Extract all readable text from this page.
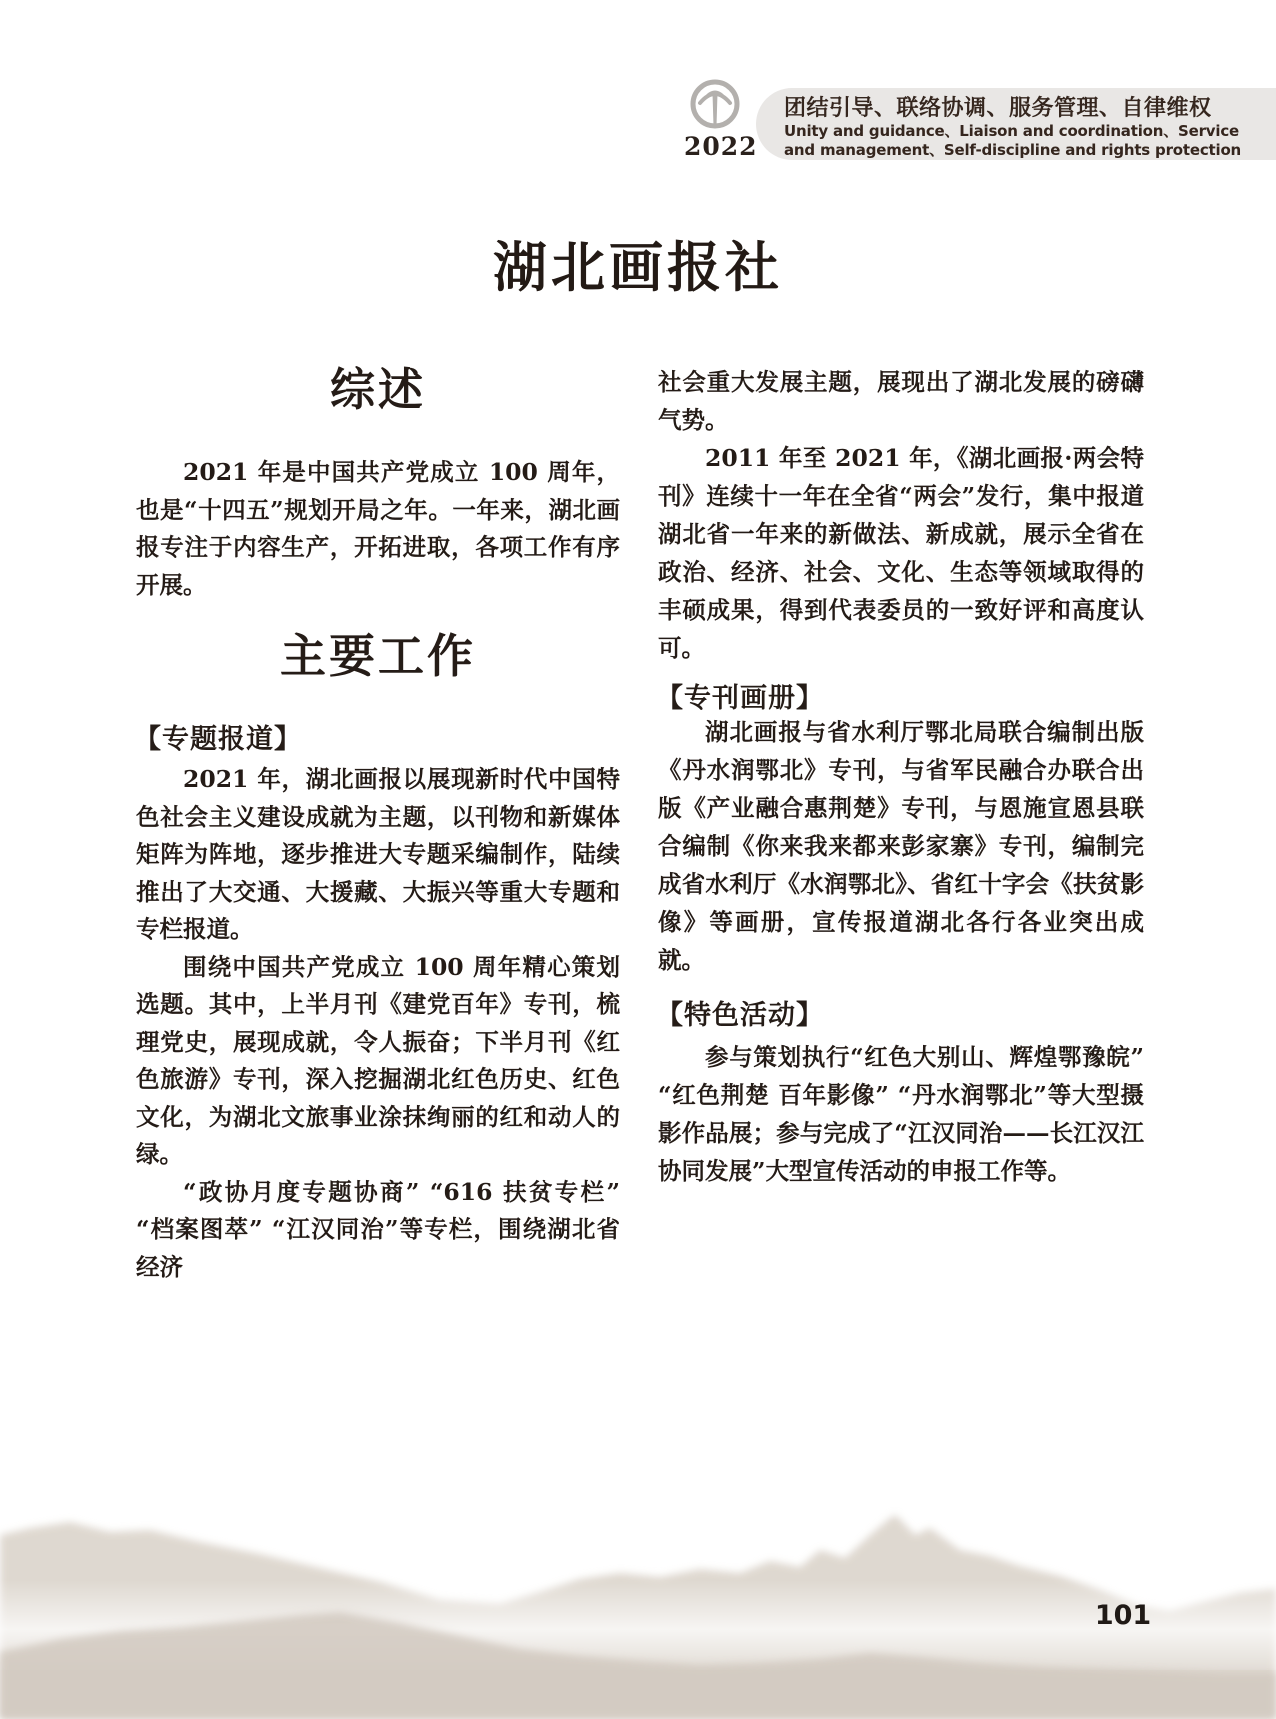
2022
团结引导、联络协调、服务管理、自律维权
Unity and guidance、Liaison and coordination、Service
and management、Self-discipline and rights protection
湖北画报社
综述

2021 年是中国共产党成立 100 周年，也是“十四五”规划开局之年。一年来，湖北画报专注于内容生产，开拓进取，各项工作有序开展。

主要工作
【专题报道】

2021 年，湖北画报以展现新时代中国特色社会主义建设成就为主题，以刊物和新媒体矩阵为阵地，逐步推进大专题采编制作，陆续推出了大交通、大援藏、大振兴等重大专题和专栏报道。

围绕中国共产党成立 100 周年精心策划选题。其中，上半月刊《建党百年》专刊，梳理党史，展现成就，令人振奋；下半月刊《红色旅游》专刊，深入挖掘湖北红色历史、红色文化，为湖北文旅事业涂抹绚丽的红和动人的绿。

“政协月度专题协商” “616 扶贫专栏” “档案图萃” “江汉同治”等专栏，围绕湖北省经济

社会重大发展主题，展现出了湖北发展的磅礴气势。

2011 年至 2021 年，《湖北画报·两会特刊》连续十一年在全省“两会”发行，集中报道湖北省一年来的新做法、新成就，展示全省在政治、经济、社会、文化、生态等领域取得的丰硕成果，得到代表委员的一致好评和高度认可。

【专刊画册】

湖北画报与省水利厅鄂北局联合编制出版《丹水润鄂北》专刊，与省军民融合办联合出版《产业融合惠荆楚》专刊，与恩施宣恩县联合编制《你来我来都来彭家寨》专刊，编制完成省水利厅《水润鄂北》、省红十字会《扶贫影像》等画册，宣传报道湖北各行各业突出成就。

【特色活动】

参与策划执行“红色大别山、辉煌鄂豫皖” “红色荆楚 百年影像” “丹水润鄂北”等大型摄影作品展；参与完成了“江汉同治——长江汉江协同发展”大型宣传活动的申报工作等。

101
